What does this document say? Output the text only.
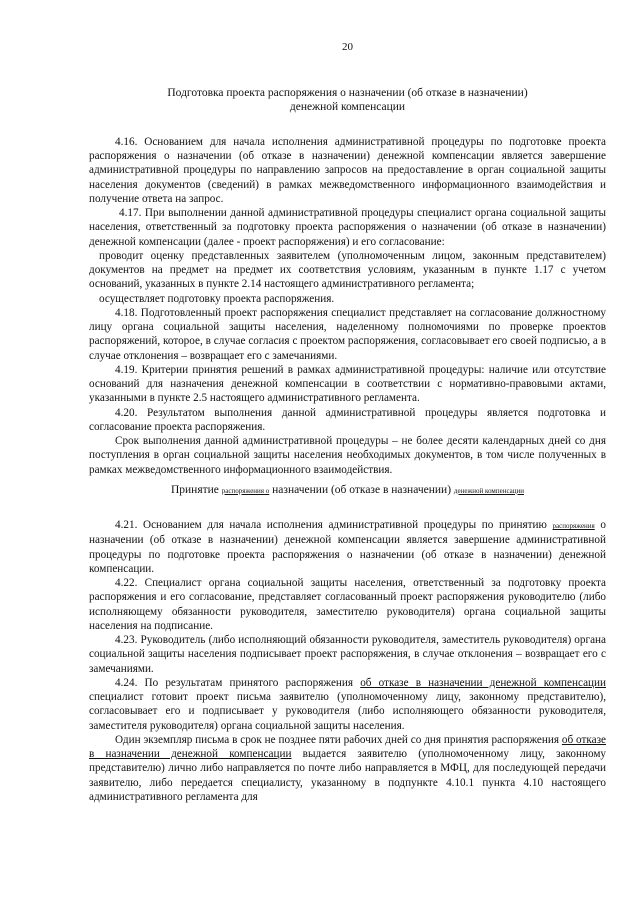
20
Подготовка проекта распоряжения о назначении (об отказе в назначении)
денежной компенсации

4.16. Основанием для начала исполнения административной процедуры по подготовке проекта распоряжения о назначении (об отказе в назначении) денежной компенсации является завершение административной процедуры по направлению запросов на предоставление в орган социальной защиты населения документов (сведений) в рамках межведомственного информационного взаимодействия и получение ответа на запрос.

4.17. При выполнении данной административной процедуры специалист органа социальной защиты населения, ответственный за подготовку проекта распоряжения о назначении (об отказе в назначении) денежной компенсации (далее - проект распоряжения) и его согласование:

проводит оценку представленных заявителем (уполномоченным лицом, законным представителем) документов на предмет на предмет их соответствия условиям, указанным в пункте 1.17 с учетом оснований, указанных в пункте 2.14 настоящего административного регламента;

осуществляет подготовку проекта распоряжения.

4.18. Подготовленный проект распоряжения специалист представляет на согласование должностному лицу органа социальной защиты населения, наделенному полномочиями по проверке проектов распоряжений, которое, в случае согласия с проектом распоряжения, согласовывает его своей подписью, а в случае отклонения – возвращает его с замечаниями.

4.19. Критерии принятия решений в рамках административной процедуры: наличие или отсутствие оснований для назначения денежной компенсации в соответствии с нормативно-правовыми актами, указанными в пункте 2.5 настоящего административного регламента.

4.20. Результатом выполнения данной административной процедуры является подготовка и согласование проекта распоряжения.

Срок выполнения данной административной процедуры – не более десяти календарных дней со дня поступления в орган социальной защиты населения необходимых документов, в том числе полученных в рамках межведомственного информационного взаимодействия.

Принятие распоряжения о назначении (об отказе в назначении) денежной компенсации

4.21. Основанием для начала исполнения административной процедуры по принятию распоряжения о назначении (об отказе в назначении) денежной компенсации является завершение административной процедуры по подготовке проекта распоряжения о назначении (об отказе в назначении) денежной компенсации.

4.22. Специалист органа социальной защиты населения, ответственный за подготовку проекта распоряжения и его согласование, представляет согласованный проект распоряжения руководителю (либо исполняющему обязанности руководителя, заместителю руководителя) органа социальной защиты населения на подписание.

4.23. Руководитель (либо исполняющий обязанности руководителя, заместитель руководителя) органа социальной защиты населения подписывает проект распоряжения, в случае отклонения – возвращает его с замечаниями.

4.24. По результатам принятого распоряжения об отказе в назначении денежной компенсации специалист готовит проект письма заявителю (уполномоченному лицу, законному представителю), согласовывает его и подписывает у руководителя (либо исполняющего обязанности руководителя, заместителя руководителя) органа социальной защиты населения.

Один экземпляр письма в срок не позднее пяти рабочих дней со дня принятия распоряжения об отказе в назначении денежной компенсации выдается заявителю (уполномоченному лицу, законному представителю) лично либо направляется по почте либо направляется в МФЦ, для последующей передачи заявителю, либо передается специалисту, указанному в подпункте 4.10.1 пункта 4.10 настоящего административного регламента для
